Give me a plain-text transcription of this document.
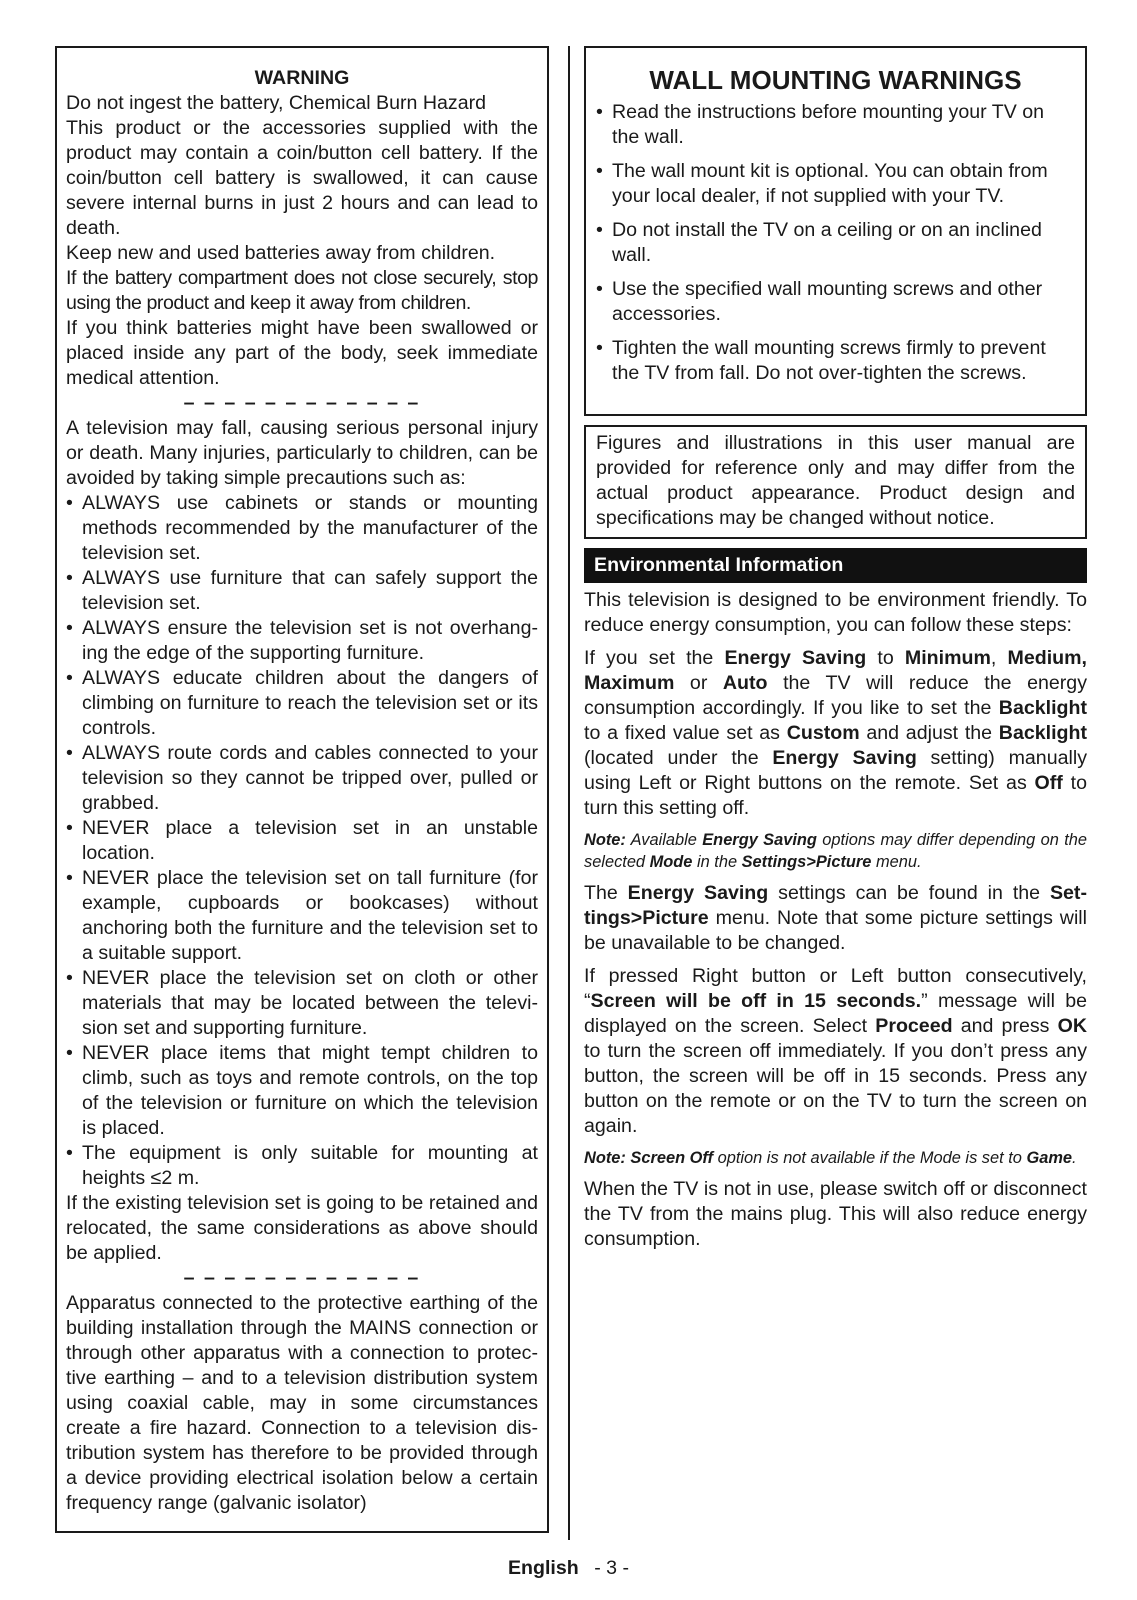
WARNING

Do not ingest the battery, Chemical Burn Hazard

This product or the accessories supplied with the product may contain a coin/button cell battery. If the coin/button cell battery is swallowed, it can cause severe internal burns in just 2 hours and can lead to death.

Keep new and used batteries away from children.

If the battery compartment does not close securely, stop using the product and keep it away from children.

If you think batteries might have been swallowed or placed inside any part of the body, seek immediate medical attention.

– – – – – – – – – – – –

A television may fall, causing serious personal injury or death. Many injuries, particularly to children, can be avoided by taking simple precautions such as:

• ALWAYS use cabinets or stands or mounting methods recommended by the manufacturer of the television set.
• ALWAYS use furniture that can safely support the television set.
• ALWAYS ensure the television set is not overhang-ing the edge of the supporting furniture.
• ALWAYS educate children about the dangers of climbing on furniture to reach the television set or its controls.
• ALWAYS route cords and cables connected to your television so they cannot be tripped over, pulled or grabbed.
• NEVER place a television set in an unstable location.
• NEVER place the television set on tall furniture (for example, cupboards or bookcases) without anchoring both the furniture and the television set to a suitable support.
• NEVER place the television set on cloth or other materials that may be located between the televi-sion set and supporting furniture.
• NEVER place items that might tempt children to climb, such as toys and remote controls, on the top of the television or furniture on which the television is placed.
• The equipment is only suitable for mounting at heights ≤2 m.

If the existing television set is going to be retained and relocated, the same considerations as above should be applied.

– – – – – – – – – – – –

Apparatus connected to the protective earthing of the building installation through the MAINS connection or through other apparatus with a connection to protec-tive earthing – and to a television distribution system using coaxial cable, may in some circumstances create a fire hazard. Connection to a television dis-tribution system has therefore to be provided through a device providing electrical isolation below a certain frequency range (galvanic isolator)

WALL MOUNTING WARNINGS

• Read the instructions before mounting your TV on the wall.
• The wall mount kit is optional. You can obtain from your local dealer, if not supplied with your TV.
• Do not install the TV on a ceiling or on an inclined wall.
• Use the specified wall mounting screws and other accessories.
• Tighten the wall mounting screws firmly to prevent the TV from fall. Do not over-tighten the screws.

Figures and illustrations in this user manual are provided for reference only and may differ from the actual product appearance. Product design and specifications may be changed without notice.

Environmental Information

This television is designed to be environment friendly. To reduce energy consumption, you can follow these steps:

If you set the Energy Saving to Minimum, Medium, Maximum or Auto the TV will reduce the energy consumption accordingly. If you like to set the Backlight to a fixed value set as Custom and adjust the Backlight (located under the Energy Saving setting) manually using Left or Right buttons on the remote. Set as Off to turn this setting off.

Note: Available Energy Saving options may differ depending on the selected Mode in the Settings>Picture menu.

The Energy Saving settings can be found in the Set-tings>Picture menu. Note that some picture settings will be unavailable to be changed.

If pressed Right button or Left button consecutively, “Screen will be off in 15 seconds.” message will be displayed on the screen. Select Proceed and press OK to turn the screen off immediately. If you don’t press any button, the screen will be off in 15 seconds. Press any button on the remote or on the TV to turn the screen on again.

Note: Screen Off option is not available if the Mode is set to Game.

When the TV is not in use, please switch off or disconnect the TV from the mains plug. This will also reduce energy consumption.

English - 3 -
